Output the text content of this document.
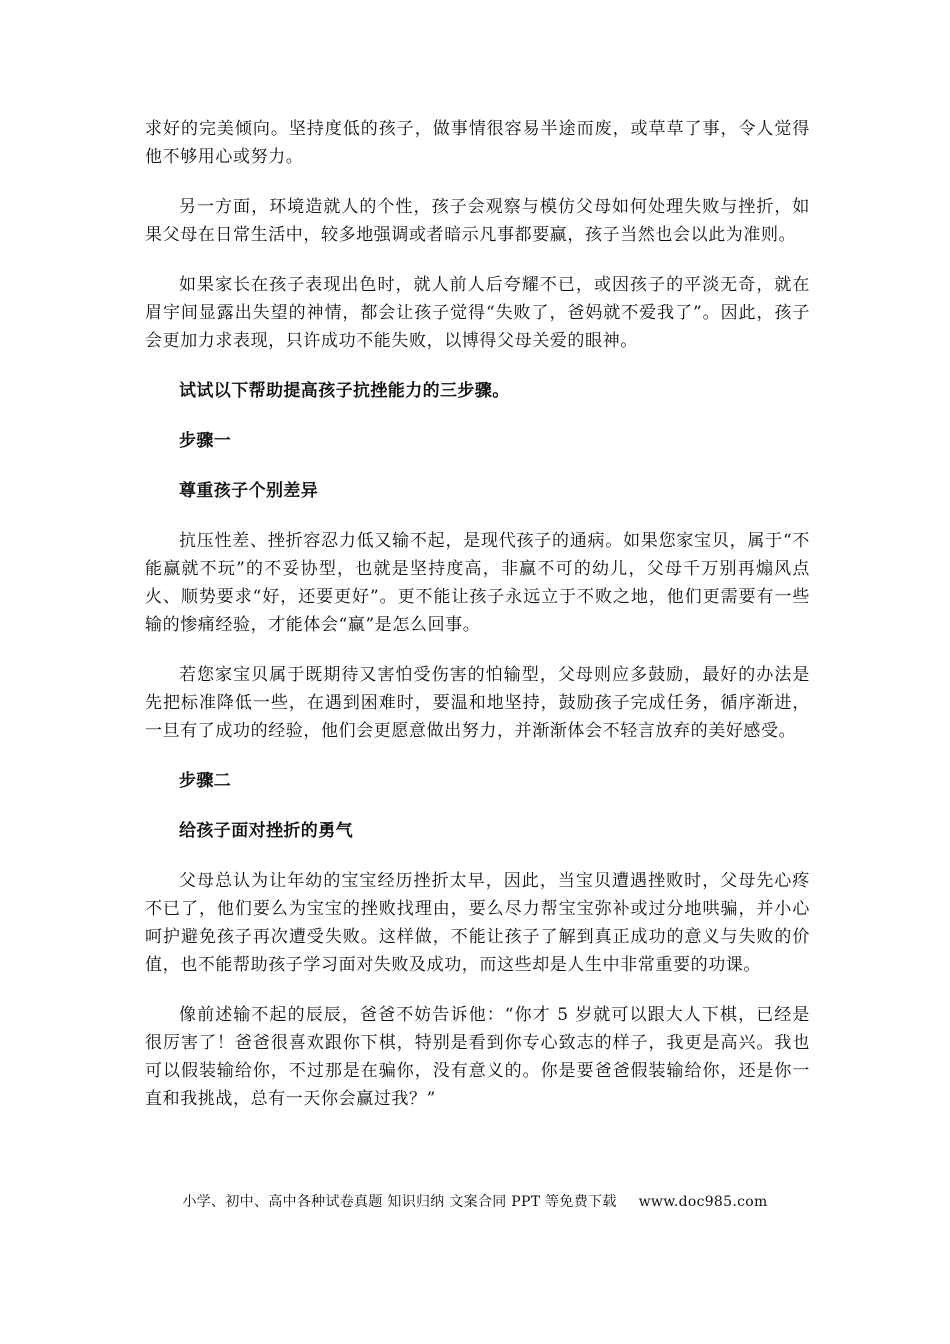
求好的完美倾向。坚持度低的孩子，做事情很容易半途而废，或草草了事，令人觉得他不够用心或努力。

另一方面，环境造就人的个性，孩子会观察与模仿父母如何处理失败与挫折，如果父母在日常生活中，较多地强调或者暗示凡事都要赢，孩子当然也会以此为准则。

如果家长在孩子表现出色时，就人前人后夸耀不已，或因孩子的平淡无奇，就在眉宇间显露出失望的神情，都会让孩子觉得“失败了，爸妈就不爱我了”。因此，孩子会更加力求表现，只许成功不能失败，以博得父母关爱的眼神。

试试以下帮助提高孩子抗挫能力的三步骤。

步骤一

尊重孩子个别差异

抗压性差、挫折容忍力低又输不起，是现代孩子的通病。如果您家宝贝，属于“不能赢就不玩”的不妥协型，也就是坚持度高，非赢不可的幼儿，父母千万别再煽风点火、顺势要求“好，还要更好”。更不能让孩子永远立于不败之地，他们更需要有一些输的惨痛经验，才能体会“赢”是怎么回事。

若您家宝贝属于既期待又害怕受伤害的怕输型，父母则应多鼓励，最好的办法是先把标准降低一些，在遇到困难时，要温和地坚持，鼓励孩子完成任务，循序渐进，一旦有了成功的经验，他们会更愿意做出努力，并渐渐体会不轻言放弃的美好感受。

步骤二

给孩子面对挫折的勇气

父母总认为让年幼的宝宝经历挫折太早，因此，当宝贝遭遇挫败时，父母先心疼不已了，他们要么为宝宝的挫败找理由，要么尽力帮宝宝弥补或过分地哄骗，并小心呵护避免孩子再次遭受失败。这样做，不能让孩子了解到真正成功的意义与失败的价值，也不能帮助孩子学习面对失败及成功，而这些却是人生中非常重要的功课。

像前述输不起的辰辰，爸爸不妨告诉他：“你才 5 岁就可以跟大人下棋，已经是很厉害了！爸爸很喜欢跟你下棋，特别是看到你专心致志的样子，我更是高兴。我也可以假装输给你，不过那是在骗你，没有意义的。你是要爸爸假装输给你，还是你一直和我挑战，总有一天你会赢过我？”

小学、初中、高中各种试卷真题 知识归纳 文案合同 PPT 等免费下载 www.doc985.com
